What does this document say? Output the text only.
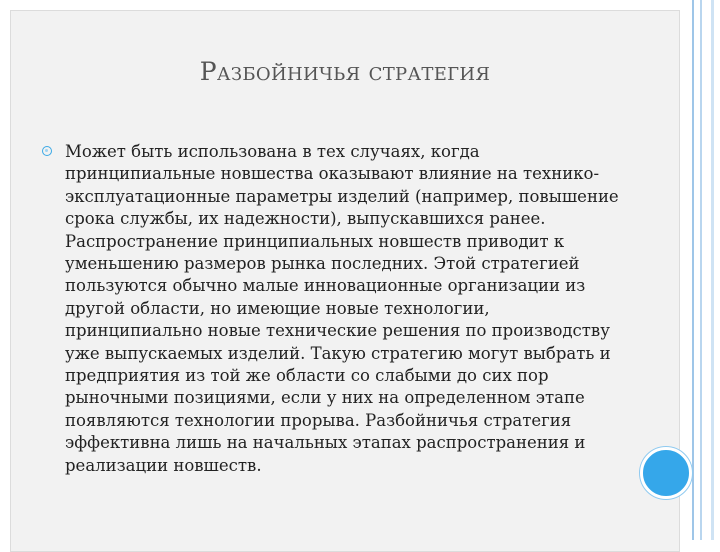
Разбойничья стратегия

Может быть использована в тех случаях, когда принципиальные новшества оказывают влияние на технико-эксплуатационные параметры изделий (например, повышение срока службы, их надежности), выпускавшихся ранее. Распространение принципиальных новшеств приводит к уменьшению размеров рынка последних. Этой стратегией пользуются обычно малые инновационные организации из другой области, но имеющие новые технологии, принципиально новые технические решения по производству уже выпускаемых изделий. Такую стратегию могут выбрать и предприятия из той же области со слабыми до сих пор рыночными позициями, если у них на определенном этапе появляются технологии прорыва. Разбойничья стратегия эффективна лишь на начальных этапах распространения и реализации новшеств.
